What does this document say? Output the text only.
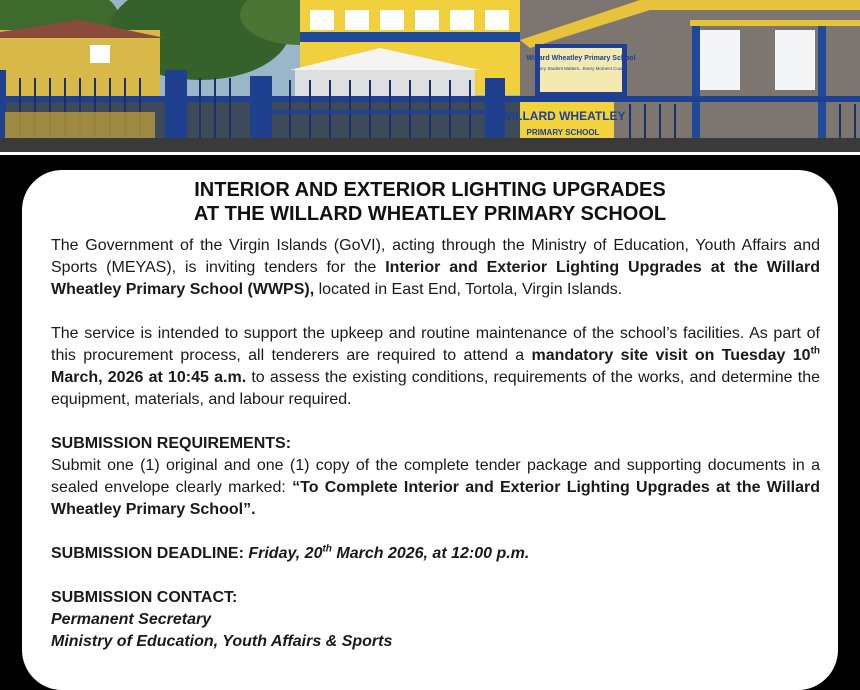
Willard Wheatley Primary School
Every Student Matters...Every Moment Counts
WILLARD WHEATLEY
PRIMARY SCHOOL
INTERIOR AND EXTERIOR LIGHTING UPGRADES
AT THE WILLARD WHEATLEY PRIMARY SCHOOL

The Government of the Virgin Islands (GoVI), acting through the Ministry of Education, Youth Affairs and Sports (MEYAS), is inviting tenders for the Interior and Exterior Lighting Upgrades at the Willard Wheatley Primary School (WWPS), located in East End, Tortola, Virgin Islands.

The service is intended to support the upkeep and routine maintenance of the school’s facilities. As part of this procurement process, all tenderers are required to attend a mandatory site visit on Tuesday 10th March, 2026 at 10:45 a.m. to assess the existing conditions, requirements of the works, and determine the equipment, materials, and labour required.

SUBMISSION REQUIREMENTS:
Submit one (1) original and one (1) copy of the complete tender package and supporting documents in a sealed envelope clearly marked: “To Complete Interior and Exterior Lighting Upgrades at the Willard Wheatley Primary School”.

SUBMISSION DEADLINE: Friday, 20th March 2026, at 12:00 p.m.

SUBMISSION CONTACT:
Permanent Secretary
Ministry of Education, Youth Affairs & Sports
